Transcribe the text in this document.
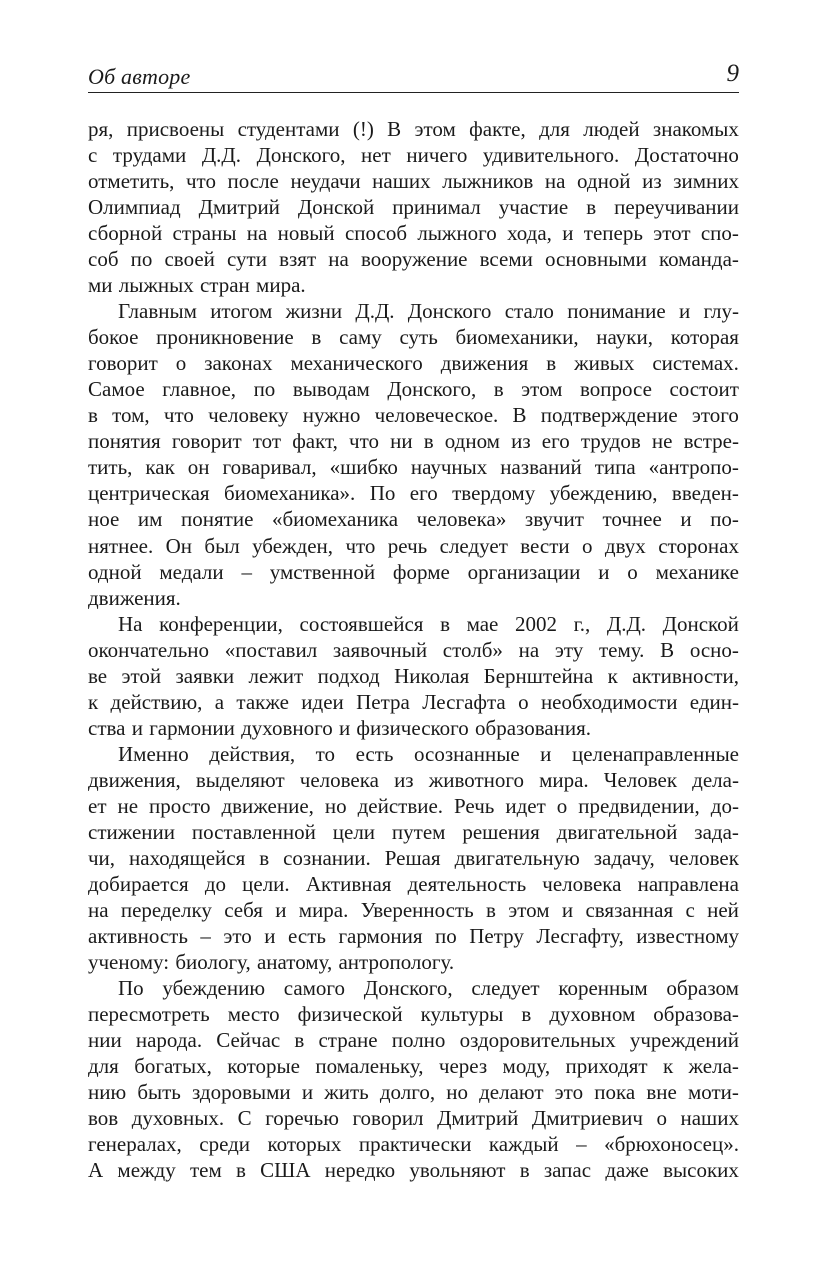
Об авторе	9
ря, присвоены студентами (!) В этом факте, для людей знакомых
с трудами Д.Д. Донского, нет ничего удивительного. Достаточно
отметить, что после неудачи наших лыжников на одной из зимних
Олимпиад Дмитрий Донской принимал участие в переучивании
сборной страны на новый способ лыжного хода, и теперь этот спо-
соб по своей сути взят на вооружение всеми основными команда-
ми лыжных стран мира.
Главным итогом жизни Д.Д. Донского стало понимание и глу-
бокое проникновение в саму суть биомеханики, науки, которая
говорит о законах механического движения в живых системах.
Самое главное, по выводам Донского, в этом вопросе состоит
в том, что человеку нужно человеческое. В подтверждение этого
понятия говорит тот факт, что ни в одном из его трудов не встре-
тить, как он говаривал, «шибко научных названий типа «антропо-
центрическая биомеханика». По его твердому убеждению, введен-
ное им понятие «биомеханика человека» звучит точнее и по-
нятнее. Он был убежден, что речь следует вести о двух сторонах
одной медали – умственной форме организации и о механике
движения.
На конференции, состоявшейся в мае 2002 г., Д.Д. Донской
окончательно «поставил заявочный столб» на эту тему. В осно-
ве этой заявки лежит подход Николая Бернштейна к активности,
к действию, а также идеи Петра Лесгафта о необходимости един-
ства и гармонии духовного и физического образования.
Именно действия, то есть осознанные и целенаправленные
движения, выделяют человека из животного мира. Человек дела-
ет не просто движение, но действие. Речь идет о предвидении, до-
стижении поставленной цели путем решения двигательной зада-
чи, находящейся в сознании. Решая двигательную задачу, человек
добирается до цели. Активная деятельность человека направлена
на переделку себя и мира. Уверенность в этом и связанная с ней
активность – это и есть гармония по Петру Лесгафту, известному
ученому: биологу, анатому, антропологу.
По убеждению самого Донского, следует коренным образом
пересмотреть место физической культуры в духовном образова-
нии народа. Сейчас в стране полно оздоровительных учреждений
для богатых, которые помаленьку, через моду, приходят к жела-
нию быть здоровыми и жить долго, но делают это пока вне моти-
вов духовных. С горечью говорил Дмитрий Дмитриевич о наших
генералах, среди которых практически каждый – «брюхоносец».
А между тем в США нередко увольняют в запас даже высоких
